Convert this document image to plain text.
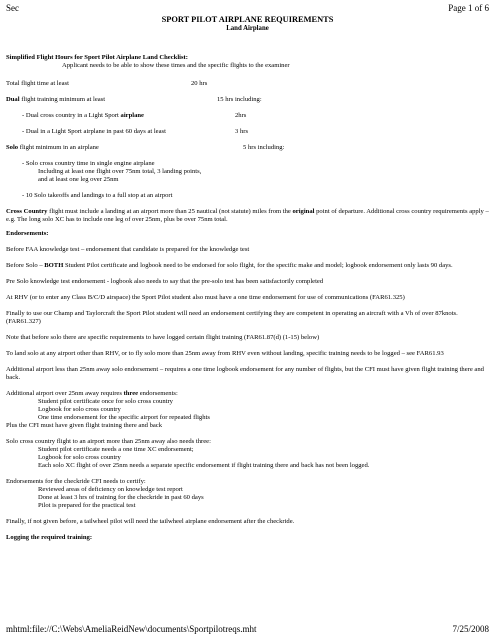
Sec	Page 1 of 6
SPORT PILOT AIRPLANE REQUIREMENTS
Land Airplane

Simplified Flight Hours for Sport Pilot Airplane Land Checklist:

Applicant needs to be able to show these times and the specific flights to the examiner

Total flight time at least	20 hrs
Dual flight training minimum at least	15 hrs including:
- Dual cross country in a Light Sport airplane	2hrs
- Dual in a Light Sport airplane in past 60 days at least	3 hrs
Solo flight minimum in an airplane	5 hrs including:

- Solo cross country time in single engine airplane

Including at least one flight over 75nm total, 3 landing points,

and at least one leg over 25nm

- 10 Solo takeoffs and landings to a full stop at an airport

Cross Country flight must include a landing at an airport more than 25 nautical (not statute) miles from the original point of departure. Additional cross country requirements apply – e.g. The long solo XC has to include one leg of over 25nm, plus be over 75nm total.

Endorsements:

Before FAA knowledge test – endorsement that candidate is prepared for the knowledge test

Before Solo – BOTH Student Pilot certificate and logbook need to be endorsed for solo flight, for the specific make and model; logbook endorsement only lasts 90 days.

Pre Solo knowledge test endorsement - logbook also needs to say that the pre-solo test has been satisfactorily completed

At RHV (or to enter any Class B/C/D airspace) the Sport Pilot student also must have a one time endorsement for use of communications (FAR61.325)

Finally to use our Champ and Taylorcraft the Sport Pilot student will need an endorsement certifying they are competent in operating an aircraft with a Vh of over 87knots. (FAR61.327)

Note that before solo there are specific requirements to have logged certain flight training (FAR61.87(d) (1-15) below)

To land solo at any airport other than RHV, or to fly solo more than 25nm away from RHV even without landing, specific training needs to be logged – see FAR61.93

Additional airport less than 25nm away solo endorsement – requires a one time logbook endorsement for any number of flights, but the CFI must have given flight training there and back.

Additional airport over 25nm away requires three endorsements:

Student pilot certificate once for solo cross country

Logbook for solo cross country

One time endorsement for the specific airport for repeated flights

Plus the CFI must have given flight training there and back

Solo cross country flight to an airport more than 25nm away also needs three:

Student pilot certificate needs a one time XC endorsement;

Logbook for solo cross country

Each solo XC flight of over 25nm needs a separate specific endorsement if flight training there and back has not been logged.

Endorsements for the checkride CFI needs to certify:

Reviewed areas of deficiency on knowledge test report

Done at least 3 hrs of training for the checkride in past 60 days

Pilot is prepared for the practical test

Finally, if not given before, a tailwheel pilot will need the tailwheel airplane endorsement after the checkride.

Logging the required training:

mhtml:file://C:\Webs\AmeliaReidNew\documents\Sportpilotreqs.mht	7/25/2008
